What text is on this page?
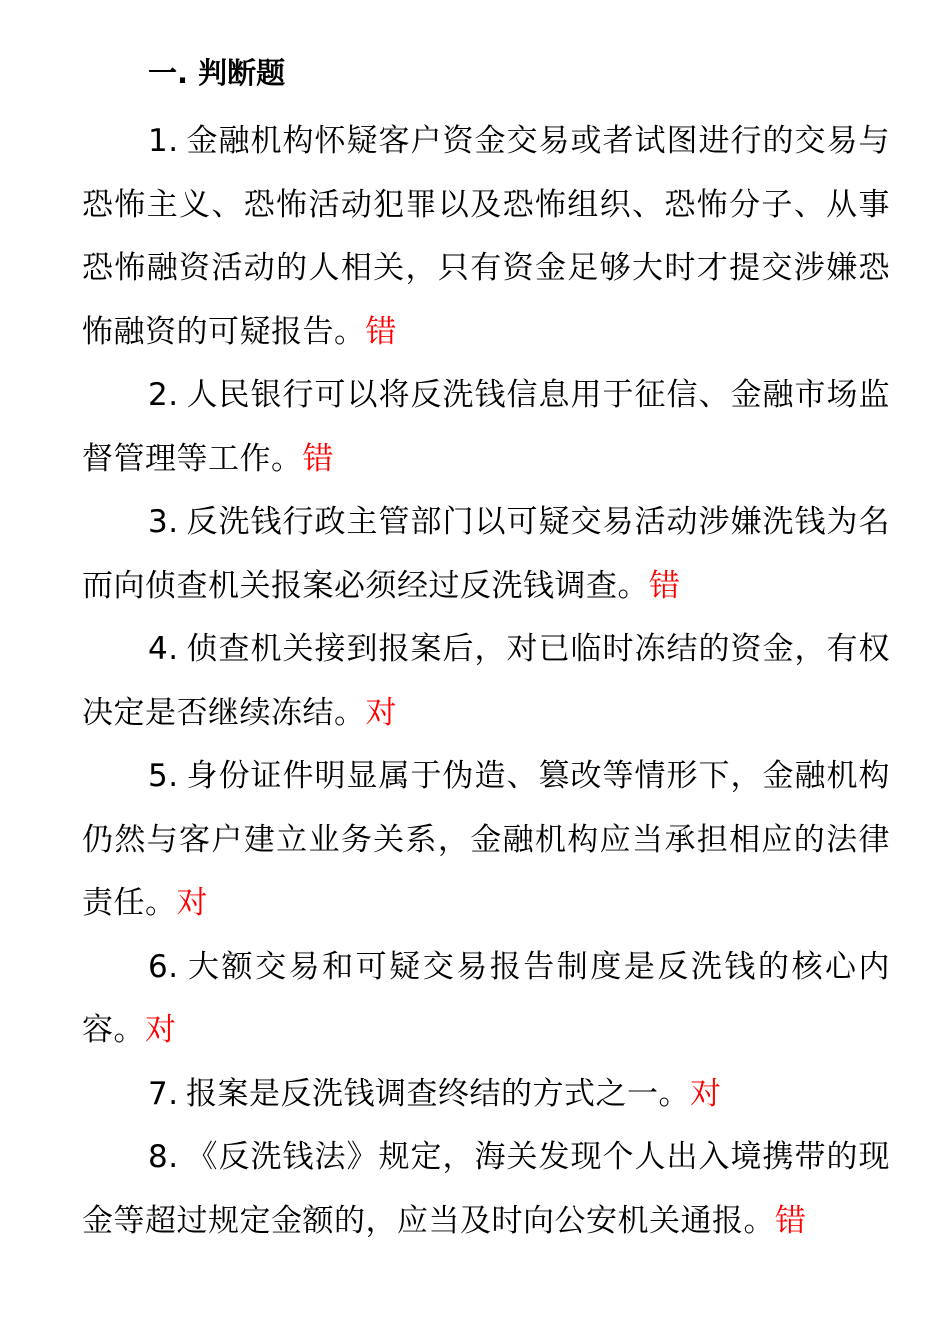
一. 判断题

1. 金融机构怀疑客户资金交易或者试图进行的交易与恐怖主义、恐怖活动犯罪以及恐怖组织、恐怖分子、从事恐怖融资活动的人相关，只有资金足够大时才提交涉嫌恐怖融资的可疑报告。错

2. 人民银行可以将反洗钱信息用于征信、金融市场监督管理等工作。错

3. 反洗钱行政主管部门以可疑交易活动涉嫌洗钱为名而向侦查机关报案必须经过反洗钱调查。错

4. 侦查机关接到报案后，对已临时冻结的资金，有权决定是否继续冻结。对

5. 身份证件明显属于伪造、篡改等情形下，金融机构仍然与客户建立业务关系，金融机构应当承担相应的法律责任。对

6. 大额交易和可疑交易报告制度是反洗钱的核心内容。对

7. 报案是反洗钱调查终结的方式之一。对

8. 《反洗钱法》规定，海关发现个人出入境携带的现金等超过规定金额的，应当及时向公安机关通报。错
